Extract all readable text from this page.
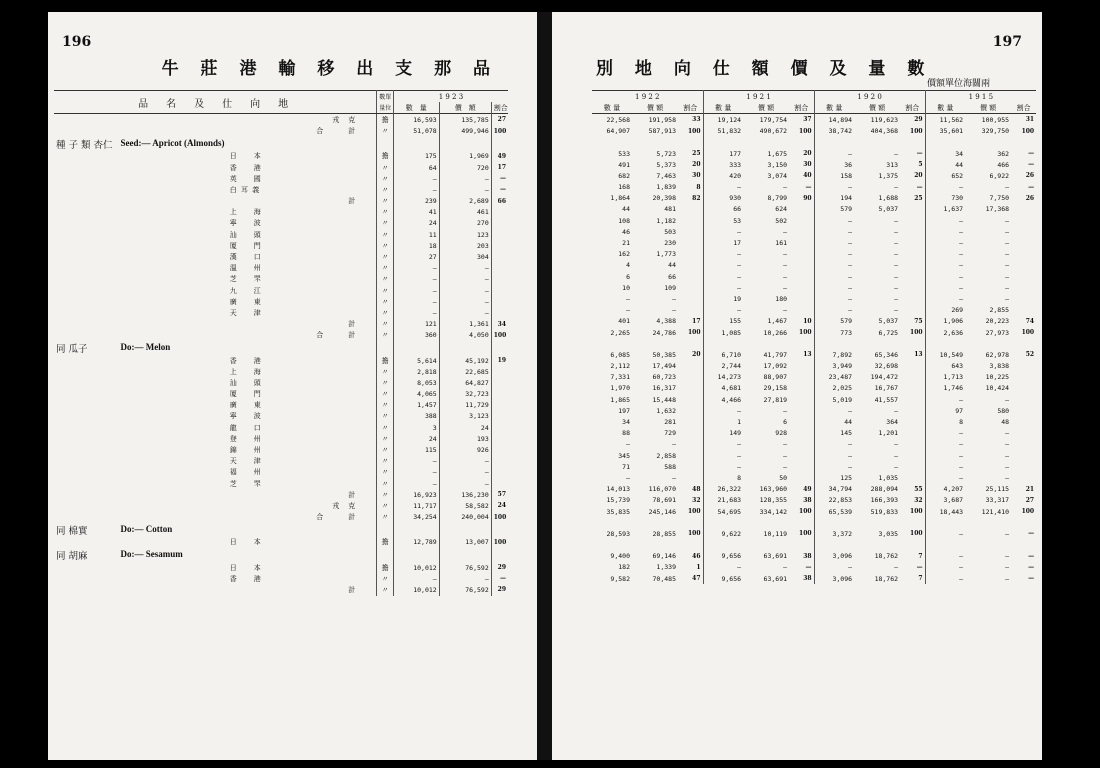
196
牛 莊 港 輸 移 出 支 那 品
品　名　及　仕　向　地			數單	1 9 2 3		
			量位	數　量	價　額	割合
		戎　克	擔	16,593	135,785	27
		合　　　計	〃	51,078	499,946	100
種 子 類 杏仁	Seed:— Apricot (Almonds)					
		日　　本	擔	175	1,969	49
		香　　港	〃	64	720	17
		英　　國	〃	—	—	—
		白 耳 義	〃	—	—	—
		計	〃	239	2,689	66
		上　　海	〃	41	461	
		寧　　波	〃	24	270	
		汕　　頭	〃	11	123	
		厦　　門	〃	18	203	
		漢　　口	〃	27	304	
		溫　　州	〃	—	—	
		芝　　罘	〃	—	—	
		九　　江	〃	—	—	
		廣　　東	〃	—	—	
		天　　津	〃	—	—	
		計	〃	121	1,361	34
		合　　　計	〃	360	4,050	100
同 瓜子	Do:— Melon					
		香　　港	擔	5,614	45,192	19
		上　　海	〃	2,818	22,685	
		汕　　頭	〃	8,053	64,827	
		厦　　門	〃	4,065	32,723	
		廣　　東	〃	1,457	11,729	
		寧　　波	〃	388	3,123	
		龍　　口	〃	3	24	
		登　　州	〃	24	193	
		錦　　州	〃	115	926	
		天　　津	〃	—	—	
		福　　州	〃	—	—	
		芝　　罘	〃	—	—	
		計	〃	16,923	136,230	57
		戎　克	〃	11,717	58,582	24
		合　　　計	〃	34,254	240,004	100
同 棉實	Do:— Cotton					
		日　　本	擔	12,789	13,007	100
同 胡麻	Do:— Sesamum					
		日　　本	擔	10,012	76,592	29
		香　　港	〃	—	—	—
		計	〃	10,012	76,592	29
197
別 地 向 仕 額 價 及 量 數
價額單位海關兩
1 9 2 2			1 9 2 1			1 9 2 0			1 9 1 5		
數 量	價 額	割合	數 量	價 額	割合	數 量	價 額	割合	數 量	價 額	割合
22,568	191,958	33	19,124	179,754	37	14,894	119,623	29	11,562	100,955	31
64,907	587,913	100	51,832	490,672	100	38,742	404,368	100	35,601	329,750	100

533	5,723	25	177	1,675	20	—	—	—	34	362	—
491	5,373	20	333	3,150	30	36	313	5	44	466	—
682	7,463	30	420	3,074	40	158	1,375	20	652	6,922	26
168	1,839	8	—	—	—	—	—	—	—	—	—
1,864	20,398	82	930	8,799	90	194	1,688	25	730	7,750	26
44	481		66	624		579	5,037		1,637	17,368	
108	1,182		53	502		—	—		—	—	
46	503		—	—		—	—		—	—	
21	230		17	161		—	—		—	—	
162	1,773		—	—		—	—		—	—	
4	44		—	—		—	—		—	—	
6	66		—	—		—	—		—	—	
10	109		—	—		—	—		—	—	
—	—		19	180		—	—		—	—	
—	—		—	—		—	—		269	2,855	
401	4,388	17	155	1,467	10	579	5,037	75	1,906	20,223	74
2,265	24,786	100	1,085	10,266	100	773	6,725	100	2,636	27,973	100

6,085	50,385	20	6,710	41,797	13	7,892	65,346	13	10,549	62,978	52
2,112	17,494		2,744	17,092		3,949	32,698		643	3,838	
7,331	60,723		14,273	88,907		23,487	194,472		1,713	10,225	
1,970	16,317		4,681	29,158		2,025	16,767		1,746	10,424	
1,865	15,448		4,466	27,819		5,019	41,557		—	—	
197	1,632		—	—		—	—		97	580	
34	281		1	6		44	364		8	48	
88	729		149	928		145	1,201		—	—	
—	—		—	—		—	—		—	—	
345	2,858		—	—		—	—		—	—	
71	588		—	—		—	—		—	—	
—	—		8	50		125	1,035		—	—	
14,013	116,070	48	26,322	163,960	49	34,794	288,094	55	4,207	25,115	21
15,739	78,691	32	21,683	128,355	38	22,853	166,393	32	3,687	33,317	27
35,835	245,146	100	54,695	334,142	100	65,539	519,833	100	18,443	121,410	100

28,593	28,855	100	9,622	10,119	100	3,372	3,035	100	—	—	—

9,400	69,146	46	9,656	63,691	38	3,096	18,762	7	—	—	—
182	1,339	1	—	—	—	—	—	—	—	—	—
9,582	70,485	47	9,656	63,691	38	3,096	18,762	7	—	—	—
